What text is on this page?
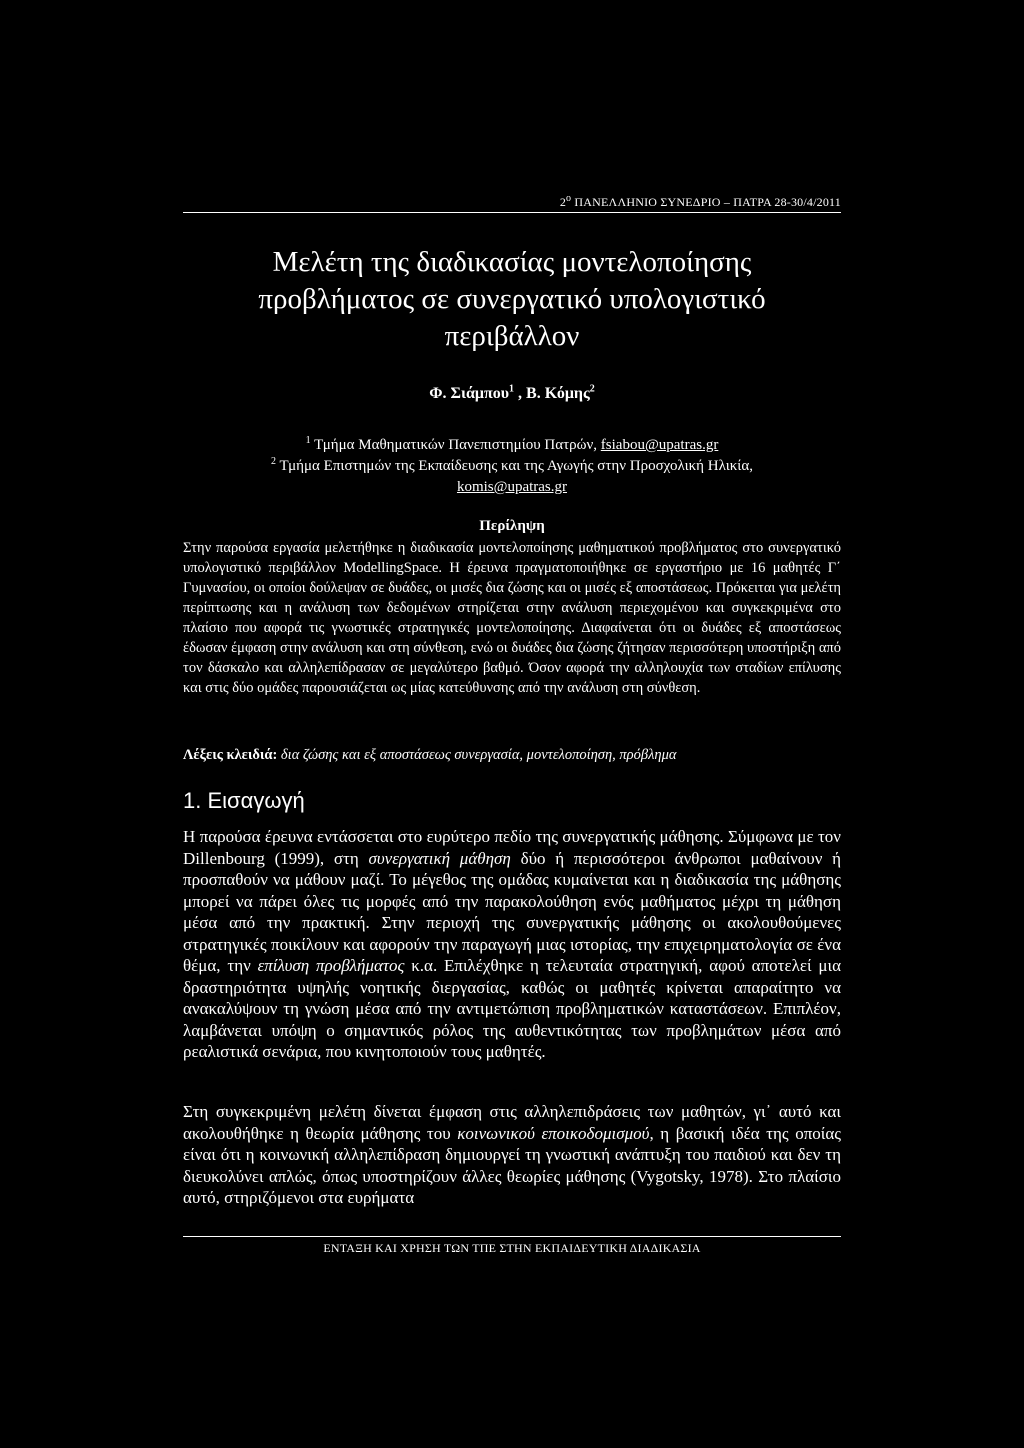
$2^o$ ΠΑΝΕΛΛΗΝΙΟ ΣΥΝΕΔΡΙΟ – ΠΑΤΡΑ 28-30/4/2011
Μελέτη της διαδικασίας μοντελοποίησης
προβλήματος σε συνεργατικό υπολογιστικό
περιβάλλον
Φ. Σιάμπου$^1$ , Β. Κόμης$^2$
$^1$ Τμήμα Μαθηματικών Πανεπιστημίου Πατρών, fsiabou@upatras.gr
$^2$ Τμήμα Επιστημών της Εκπαίδευσης και της Αγωγής στην Προσχολική Ηλικία,
komis@upatras.gr
Περίληψη
Στην παρούσα εργασία μελετήθηκε η διαδικασία μοντελοποίησης μαθηματικού προβλήματος στο συνεργατικό υπολογιστικό περιβάλλον ModellingSpace. Η έρευνα πραγματοποιήθηκε σε εργαστήριο με 16 μαθητές Γ΄ Γυμνασίου, οι οποίοι δούλεψαν σε δυάδες, οι μισές δια ζώσης και οι μισές εξ αποστάσεως. Πρόκειται για μελέτη περίπτωσης και η ανάλυση των δεδομένων στηρίζεται στην ανάλυση περιεχομένου και συγκεκριμένα στο πλαίσιο που αφορά τις γνωστικές στρατηγικές μοντελοποίησης. Διαφαίνεται ότι οι δυάδες εξ αποστάσεως έδωσαν έμφαση στην ανάλυση και στη σύνθεση, ενώ οι δυάδες δια ζώσης ζήτησαν περισσότερη υποστήριξη από τον δάσκαλο και αλληλεπίδρασαν σε μεγαλύτερο βαθμό. Όσον αφορά την αλληλουχία των σταδίων επίλυσης και στις δύο ομάδες παρουσιάζεται ως μίας κατεύθυνσης από την ανάλυση στη σύνθεση.
Λέξεις κλειδιά: δια ζώσης και εξ αποστάσεως συνεργασία, μοντελοποίηση, πρόβλημα
1. Εισαγωγή
Η παρούσα έρευνα εντάσσεται στο ευρύτερο πεδίο της συνεργατικής μάθησης. Σύμφωνα με τον Dillenbourg (1999), στη συνεργατική μάθηση δύο ή περισσότεροι άνθρωποι μαθαίνουν ή προσπαθούν να μάθουν μαζί. Το μέγεθος της ομάδας κυμαίνεται και η διαδικασία της μάθησης μπορεί να πάρει όλες τις μορφές από την παρακολούθηση ενός μαθήματος μέχρι τη μάθηση μέσα από την πρακτική. Στην περιοχή της συνεργατικής μάθησης οι ακολουθούμενες στρατηγικές ποικίλουν και αφορούν την παραγωγή μιας ιστορίας, την επιχειρηματολογία σε ένα θέμα, την επίλυση προβλήματος κ.α. Επιλέχθηκε η τελευταία στρατηγική, αφού αποτελεί μια δραστηριότητα υψηλής νοητικής διεργασίας, καθώς οι μαθητές κρίνεται απαραίτητο να ανακαλύψουν τη γνώση μέσα από την αντιμετώπιση προβληματικών καταστάσεων. Επιπλέον, λαμβάνεται υπόψη ο σημαντικός ρόλος της αυθεντικότητας των προβλημάτων μέσα από ρεαλιστικά σενάρια, που κινητοποιούν τους μαθητές.
Στη συγκεκριμένη μελέτη δίνεται έμφαση στις αλληλεπιδράσεις των μαθητών, γι᾽ αυτό και ακολουθήθηκε η θεωρία μάθησης του κοινωνικού εποικοδομισμού, η βασική ιδέα της οποίας είναι ότι η κοινωνική αλληλεπίδραση δημιουργεί τη γνωστική ανάπτυξη του παιδιού και δεν τη διευκολύνει απλώς, όπως υποστηρίζουν άλλες θεωρίες μάθησης (Vygotsky, 1978). Στο πλαίσιο αυτό, στηριζόμενοι στα ευρήματα
ΕΝΤΑΞΗ ΚΑΙ ΧΡΗΣΗ ΤΩΝ ΤΠΕ ΣΤΗΝ ΕΚΠΑΙΔΕΥΤΙΚΗ ΔΙΑΔΙΚΑΣΙΑ
